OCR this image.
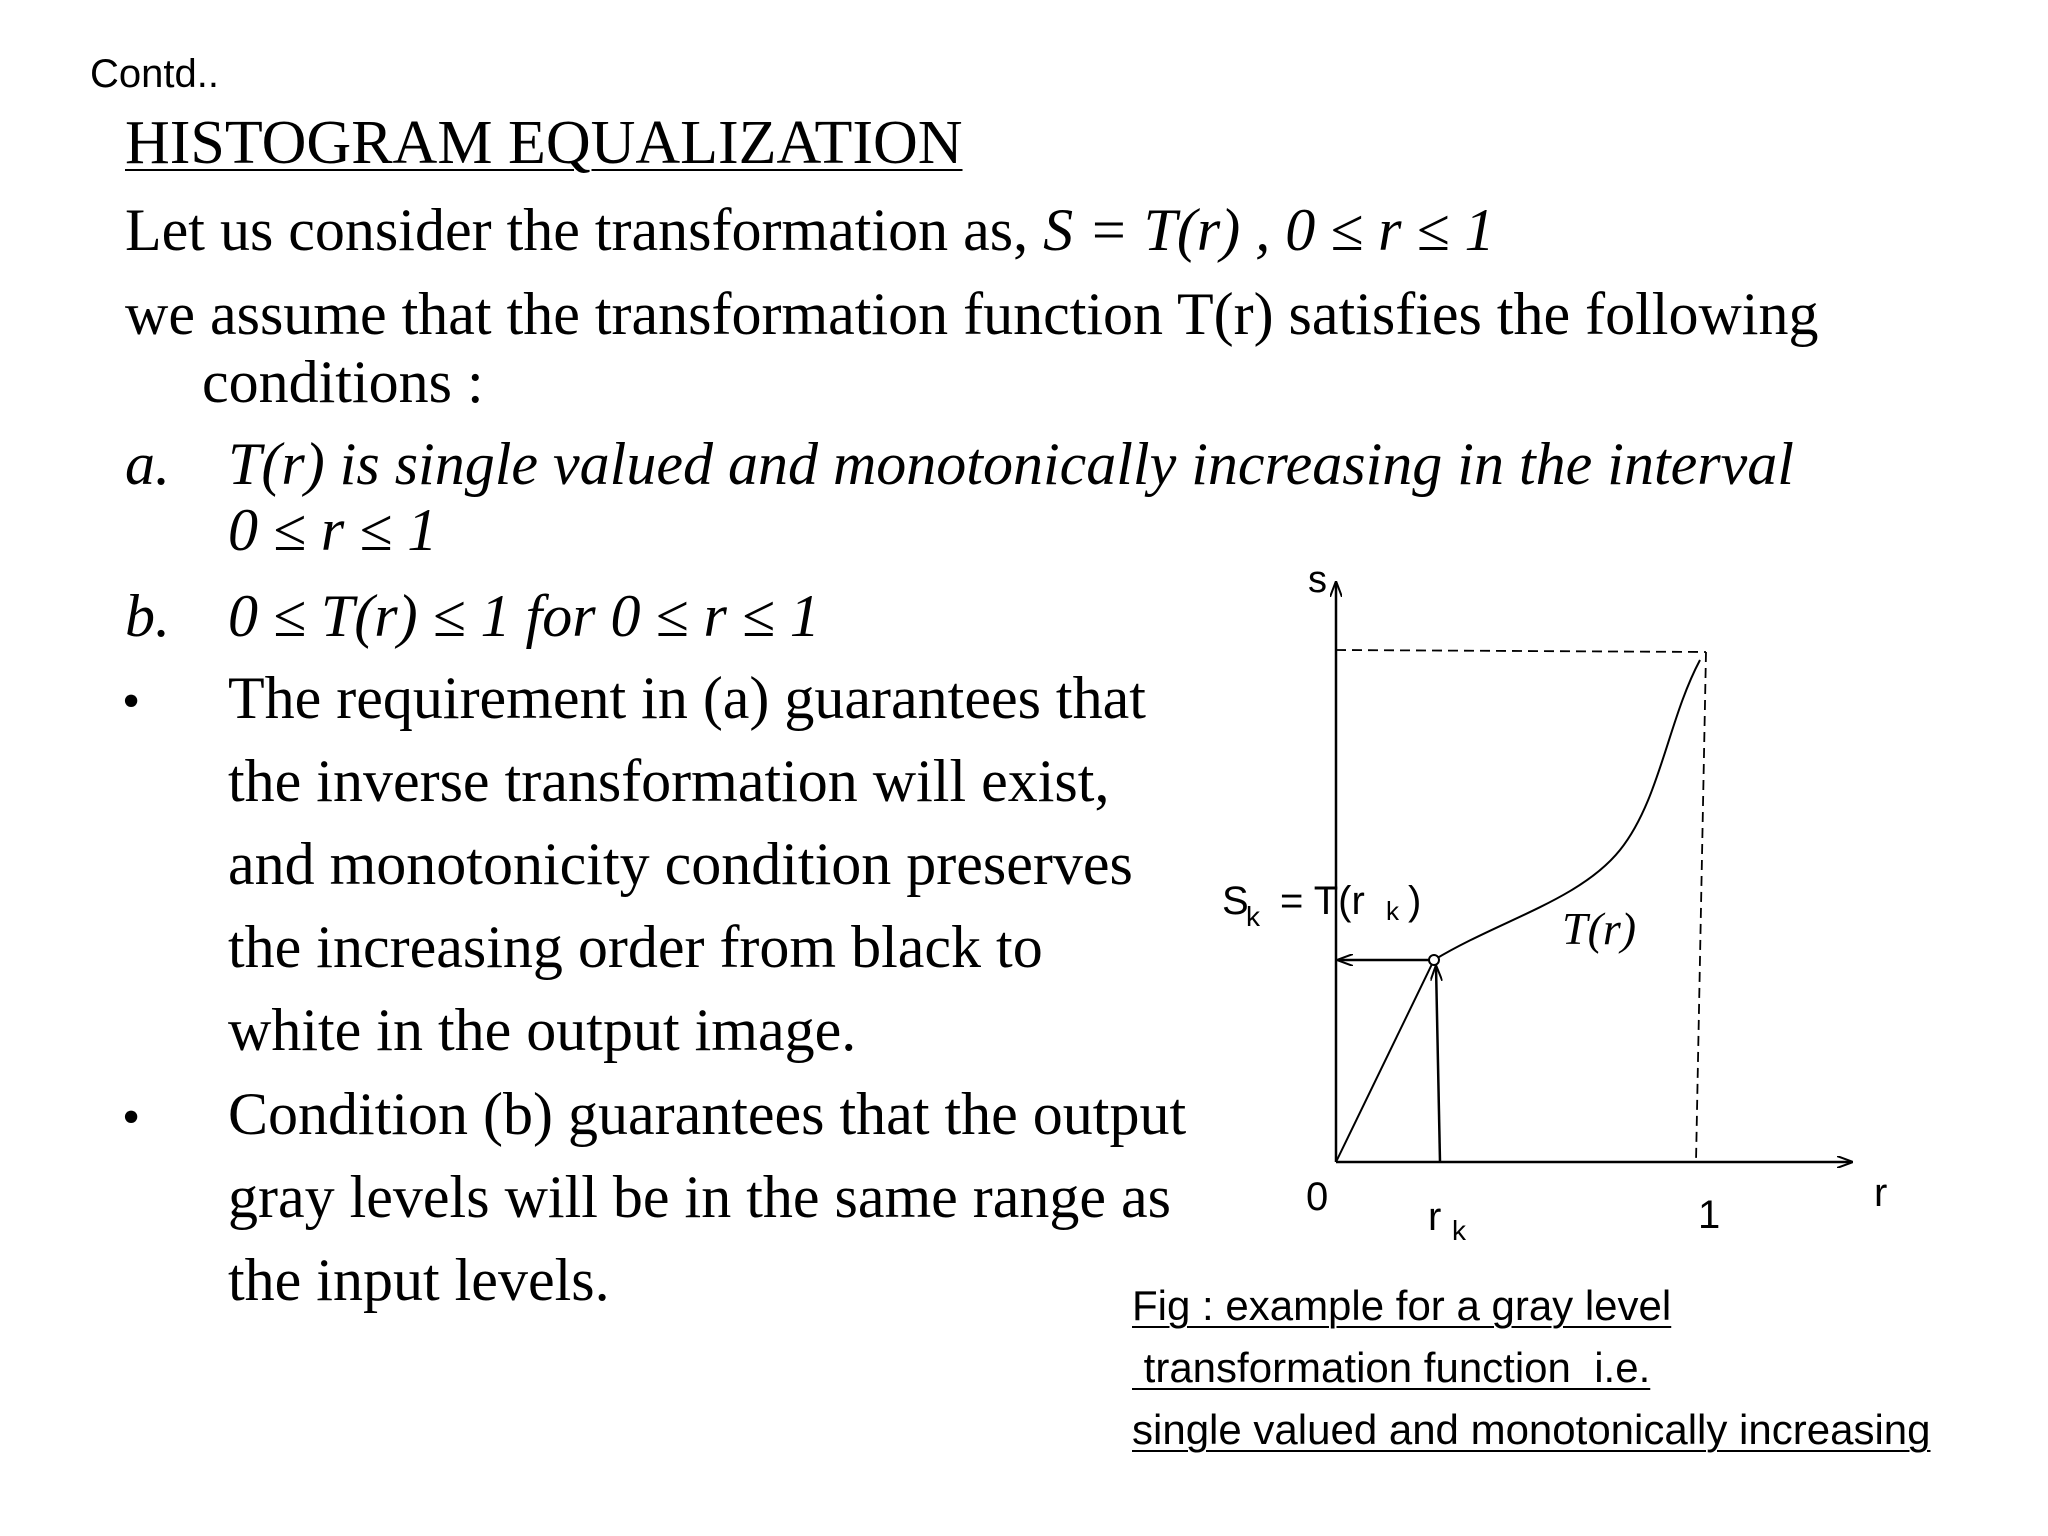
Contd..
HISTOGRAM EQUALIZATION
Let us consider the transformation as, S = T(r) , 0 ≤ r ≤ 1
we assume that the transformation function T(r) satisfies the following
conditions :
a. T(r) is single valued and monotonically increasing in the interval
0 ≤ r ≤ 1
b. 0 ≤ T(r) ≤ 1 for 0 ≤ r ≤ 1
• The requirement in (a) guarantees that
the inverse transformation will exist,
and monotonicity condition preserves
the increasing order from black to
white in the output image.
• Condition (b) guarantees that the output
gray levels will be in the same range as
the input levels.
s
r
0 r k	1
S
k = T(r k )
T(r)
Fig : example for a gray level
transformation function  i.e.
single valued and monotonically increasing
